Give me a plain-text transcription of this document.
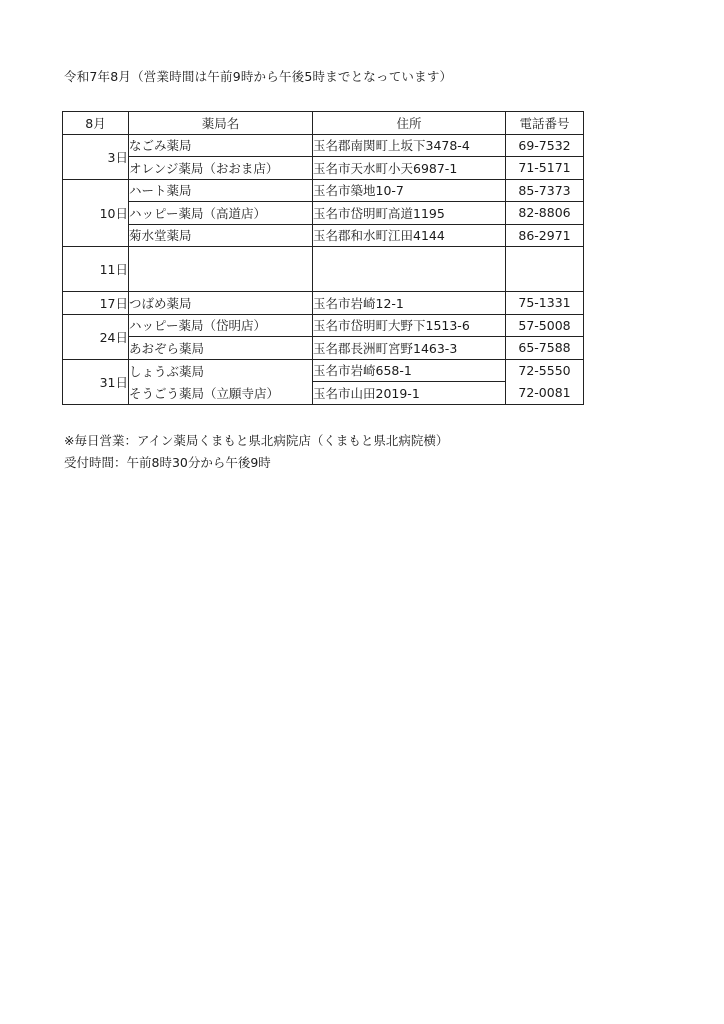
令和7年8月（営業時間は午前9時から午後5時までとなっています）
8月	薬局名	住所	電話番号
3日	なごみ薬局	玉名郡南関町上坂下3478-4	69-7532
	オレンジ薬局（おおま店）	玉名市天水町小天6987-1	71-5171
10日	ハート薬局	玉名市築地10-7	85-7373
	ハッピー薬局（高道店）	玉名市岱明町高道1195	82-8806
	菊水堂薬局	玉名郡和水町江田4144	86-2971
11日			
17日	つばめ薬局	玉名市岩崎12-1	75-1331
24日	ハッピー薬局（岱明店）	玉名市岱明町大野下1513-6	57-5008
	あおぞら薬局	玉名郡長洲町宮野1463-3	65-7588
31日	しょうぶ薬局	玉名市岩崎658-1	72-5550
	そうごう薬局（立願寺店）	玉名市山田2019-1	72-0081
※毎日営業：アイン薬局くまもと県北病院店（くまもと県北病院横）
受付時間：午前8時30分から午後9時
